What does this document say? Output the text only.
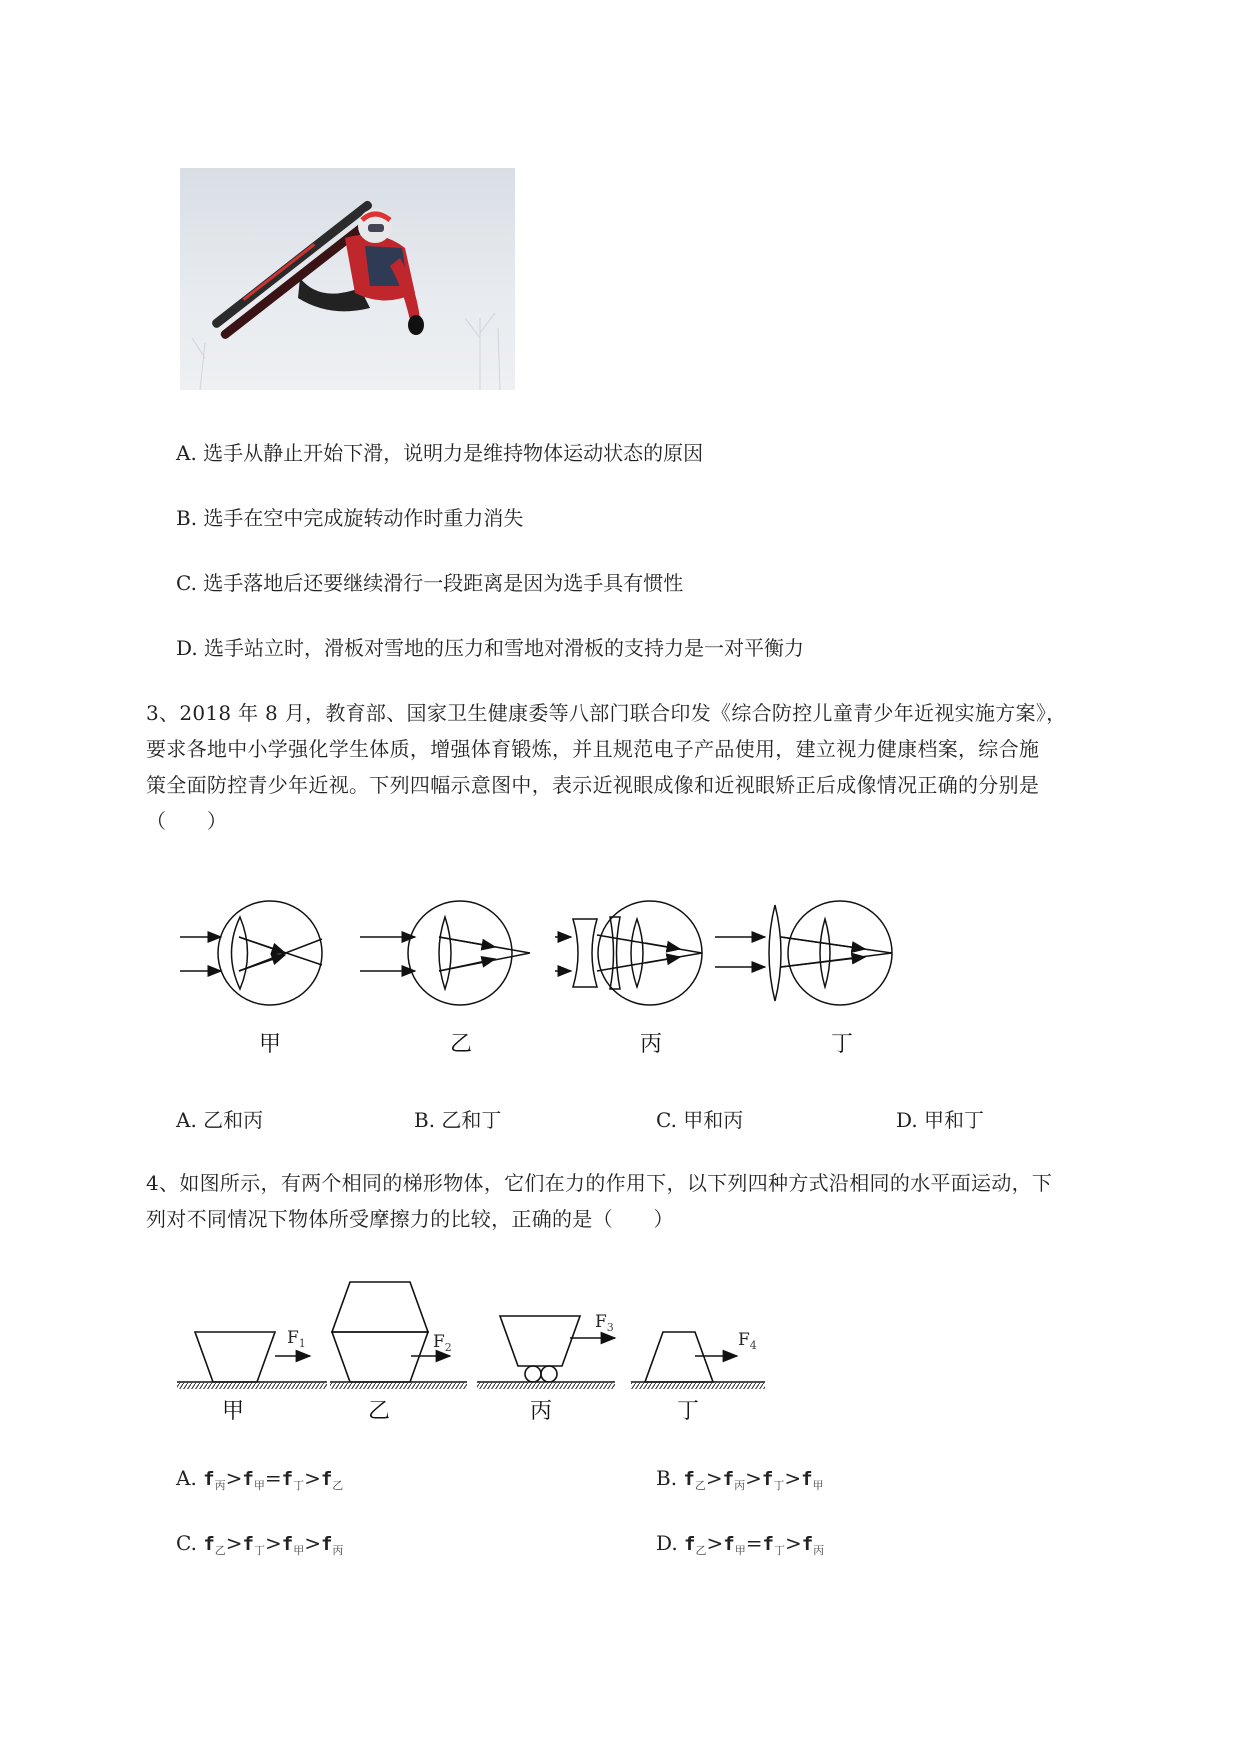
A. 选手从静止开始下滑，说明力是维持物体运动状态的原因
B. 选手在空中完成旋转动作时重力消失
C. 选手落地后还要继续滑行一段距离是因为选手具有惯性
D. 选手站立时，滑板对雪地的压力和雪地对滑板的支持力是一对平衡力
3、2018 年 8 月，教育部、国家卫生健康委等八部门联合印发《综合防控儿童青少年近视实施方案》，
要求各地中小学强化学生体质，增强体育锻炼，并且规范电子产品使用，建立视力健康档案，综合施
策全面防控青少年近视。下列四幅示意图中，表示近视眼成像和近视眼矫正后成像情况正确的分别是
（　　）
甲	乙	丙	丁
A. 乙和丙	B. 乙和丁	C. 甲和丙	D. 甲和丁
4、如图所示，有两个相同的梯形物体，它们在力的作用下，以下列四种方式沿相同的水平面运动，下
列对不同情况下物体所受摩擦力的比较，正确的是（　　）
$F_1$	$F_2$
$F_3$
$F_4$
甲	乙	丙	丁
A. $f_丙>f_甲=f_丁>f_乙$	B. $f_乙>f_丙>f_丁>f_甲$
C. $f_乙>f_丁>f_甲>f_丙$	D. $f_乙>f_甲=f_丁>f_丙$
